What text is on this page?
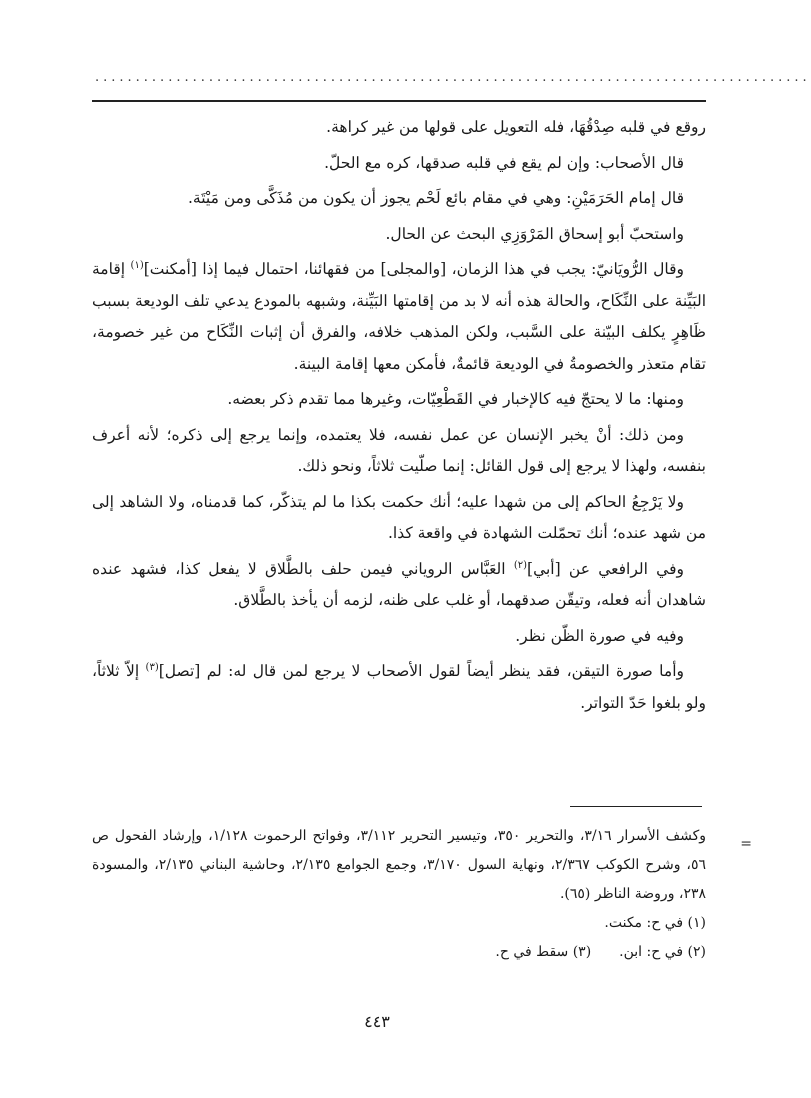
........................................................................................

روقع في قلبه صِدْقُهَا، فله التعويل على قولها من غير كراهة.

قال الأصحاب: وإن لم يقع في قلبه صدقها، كره مع الحلّ.

قال إمام الحَرَمَيْنِ: وهي في مقام بائع لَحْم يجوز أن يكون من مُذَكَّى ومن مَيْتَة.

واستحبّ أبو إسحاق المَرْوَزِي البحث عن الحال.

وقال الرُّويَانيّ: يجب في هذا الزمان، [والمجلى] من فقهائنا، احتمال فيما إذا [أمكنت]$^{(١)}$ إقامة البَيِّنة على النِّكَاح، والحالة هذه أنه لا بد من إقامتها البَيِّنة، وشبهه بالمودع يدعي تلف الوديعة بسبب ظَاهِرٍ يكلف البيّنة على السَّبب، ولكن المذهب خلافه، والفرق أن إثبات النِّكَاح من غير خصومة، تقام متعذر والخصومةُ في الوديعة قائمةٌ، فأمكن معها إقامة البينة.

ومنها: ما لا يحتجّ فيه كالإخبار في القَطْعِيّات، وغيرها مما تقدم ذكر بعضه.

ومن ذلك: أنْ يخبر الإنسان عن عمل نفسه، فلا يعتمده، وإنما يرجع إلى ذكره؛ لأنه أعرف بنفسه، ولهذا لا يرجع إلى قول القائل: إنما صلّيت ثلاثاً، ونحو ذلك.

ولا يَرْجِعُ الحاكم إلى من شهدا عليه؛ أنك حكمت بكذا ما لم يتذكّر، كما قدمناه، ولا الشاهد إلى من شهد عنده؛ أنك تحمّلت الشهادة في واقعة كذا.

وفي الرافعي عن [أبي]$^{(٢)}$ العَبَّاس الروياني فيمن حلف بالطَّلاق لا يفعل كذا، فشهد عنده شاهدان أنه فعله، وتيقّن صدقهما، أو غلب على ظنه، لزمه أن يأخذ بالطَّلاق.

وفيه في صورة الظّن نظر.

وأما صورة التيقن، فقد ينظر أيضاً لقول الأصحاب لا يرجع لمن قال له: لم [تصل]$^{(٣)}$ إلاّ ثلاثاً، ولو بلغوا حَدّ التواتر.

=

وكشف الأسرار ٣/١٦، والتحرير ٣٥٠، وتيسير التحرير ٣/١١٢، وفواتح الرحموت ١/١٢٨، وإرشاد الفحول ص ٥٦، وشرح الكوكب ٢/٣٦٧، ونهاية السول ٣/١٧٠، وجمع الجوامع ٢/١٣٥، وحاشية البناني ٢/١٣٥، والمسودة ٢٣٨، وروضة الناظر (٦٥).

(١) في ح: مكنت.

(٢) في ح: ابن.
(٣) سقط في ح.
٤٤٣
